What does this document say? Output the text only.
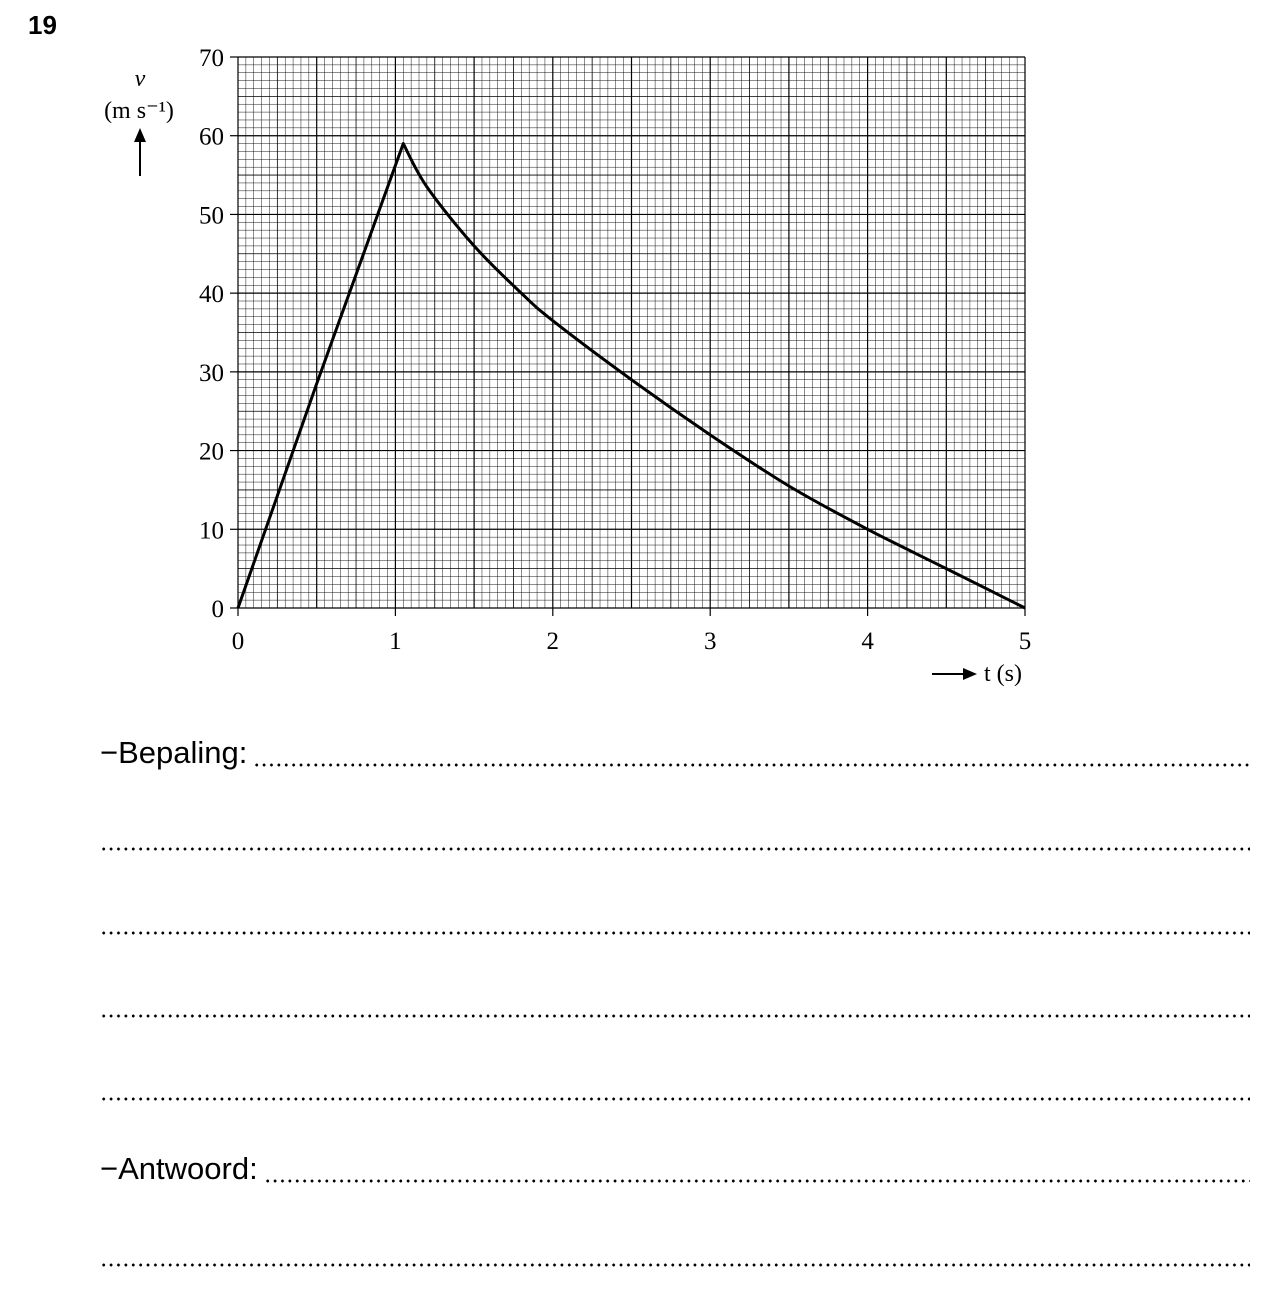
19
0	1	2	3	4	5
0
10
20
30
40
50
60
70
v
(m s⁻¹)
t (s)
−Bepaling:
−Antwoord:
